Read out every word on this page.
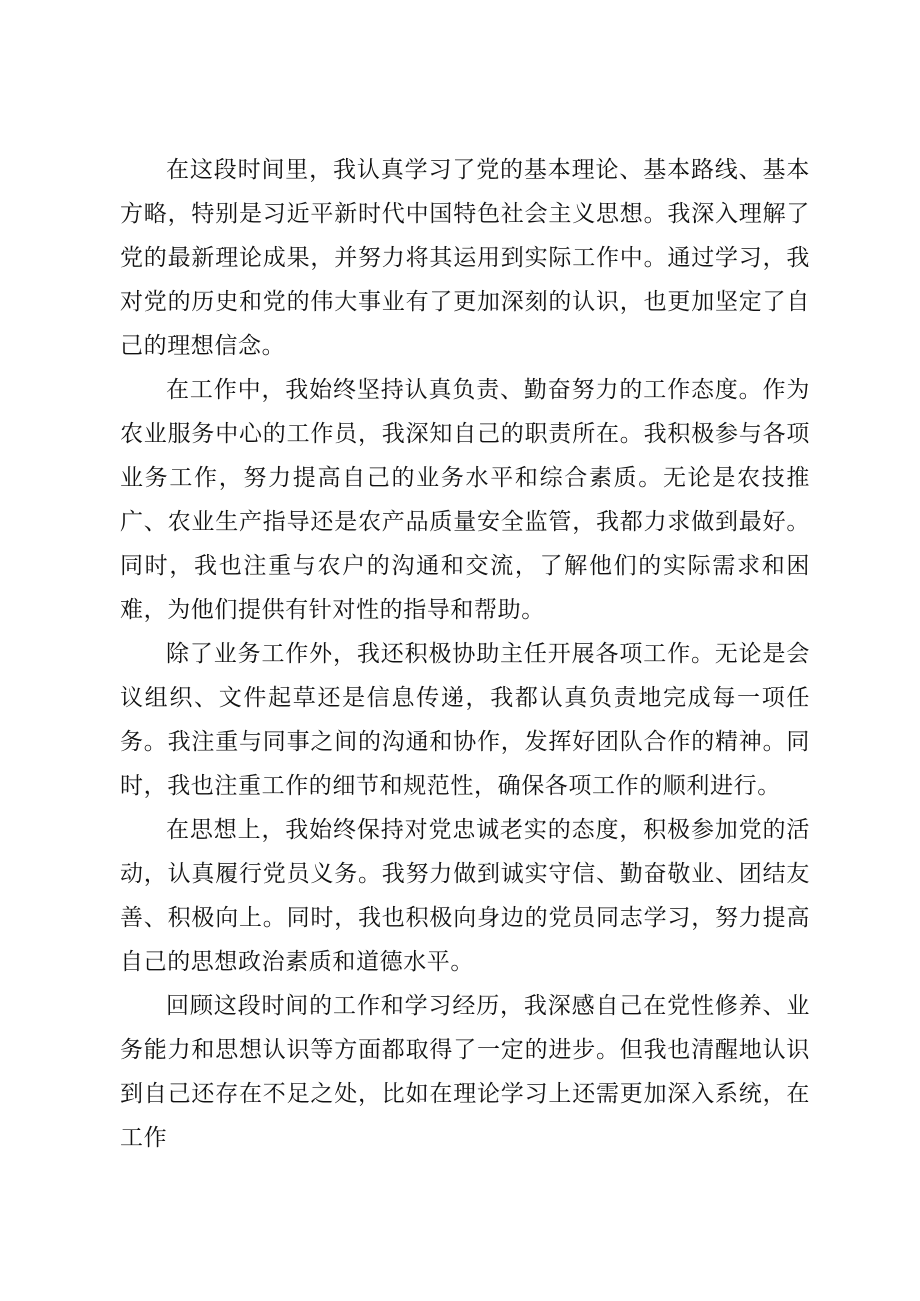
在这段时间里，我认真学习了党的基本理论、基本路线、基本方略，特别是习近平新时代中国特色社会主义思想。我深入理解了党的最新理论成果，并努力将其运用到实际工作中。通过学习，我对党的历史和党的伟大事业有了更加深刻的认识，也更加坚定了自己的理想信念。

在工作中，我始终坚持认真负责、勤奋努力的工作态度。作为农业服务中心的工作员，我深知自己的职责所在。我积极参与各项业务工作，努力提高自己的业务水平和综合素质。无论是农技推广、农业生产指导还是农产品质量安全监管，我都力求做到最好。同时，我也注重与农户的沟通和交流，了解他们的实际需求和困难，为他们提供有针对性的指导和帮助。

除了业务工作外，我还积极协助主任开展各项工作。无论是会议组织、文件起草还是信息传递，我都认真负责地完成每一项任务。我注重与同事之间的沟通和协作，发挥好团队合作的精神。同时，我也注重工作的细节和规范性，确保各项工作的顺利进行。

在思想上，我始终保持对党忠诚老实的态度，积极参加党的活动，认真履行党员义务。我努力做到诚实守信、勤奋敬业、团结友善、积极向上。同时，我也积极向身边的党员同志学习，努力提高自己的思想政治素质和道德水平。

回顾这段时间的工作和学习经历，我深感自己在党性修养、业务能力和思想认识等方面都取得了一定的进步。但我也清醒地认识到自己还存在不足之处，比如在理论学习上还需更加深入系统，在工作
